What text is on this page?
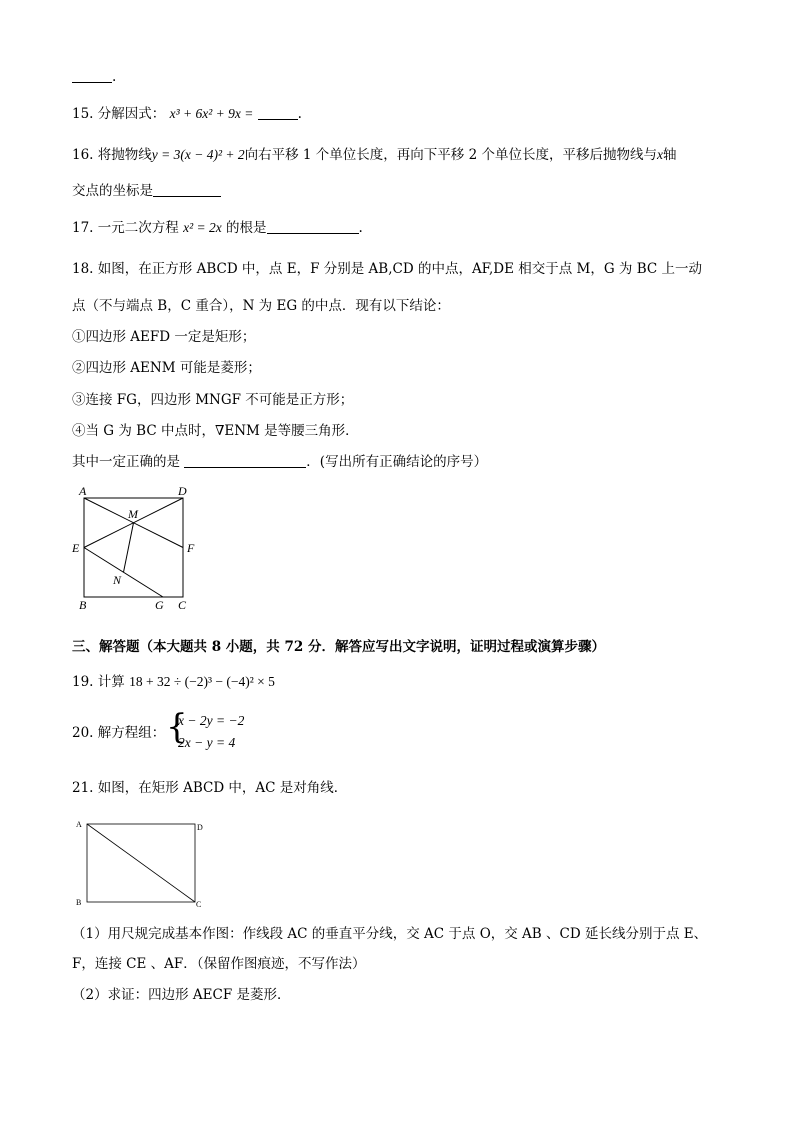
.
15. 分解因式： x³ + 6x² + 9x =	.
16. 将抛物线y = 3(x − 4)² + 2向右平移 1 个单位长度，再向下平移 2 个单位长度，平移后抛物线与x轴
交点的坐标是
17. 一元二次方程 x² = 2x 的根是	.
18. 如图，在正方形 ABCD 中，点 E，F 分别是 AB,CD 的中点，AF,DE 相交于点 M，G 为 BC 上一动
点（不与端点 B，C 重合），N 为 EG 的中点．现有以下结论：
①四边形 AEFD 一定是矩形；
②四边形 AENM 可能是菱形；
③连接 FG，四边形 MNGF 不可能是正方形；
④当 G 为 BC 中点时，∇ENM 是等腰三角形．
其中一定正确的是	．(写出所有正确结论的序号）
A	D
M
E	F
N
B	G C
三、解答题（本大题共 8 小题，共 72 分．解答应写出文字说明，证明过程或演算步骤）
19. 计算 18 + 32 ÷ (−2)³ − (−4)² × 5
20. 解方程组： {
x − 2y = −2
2x − y = 4
21. 如图，在矩形 ABCD 中，AC 是对角线．
A	D
B	C
（1）用尺规完成基本作图：作线段 AC 的垂直平分线，交 AC 于点 O，交 AB 、CD 延长线分别于点 E、
F，连接 CE 、AF．（保留作图痕迹，不写作法）
（2）求证：四边形 AECF 是菱形．
